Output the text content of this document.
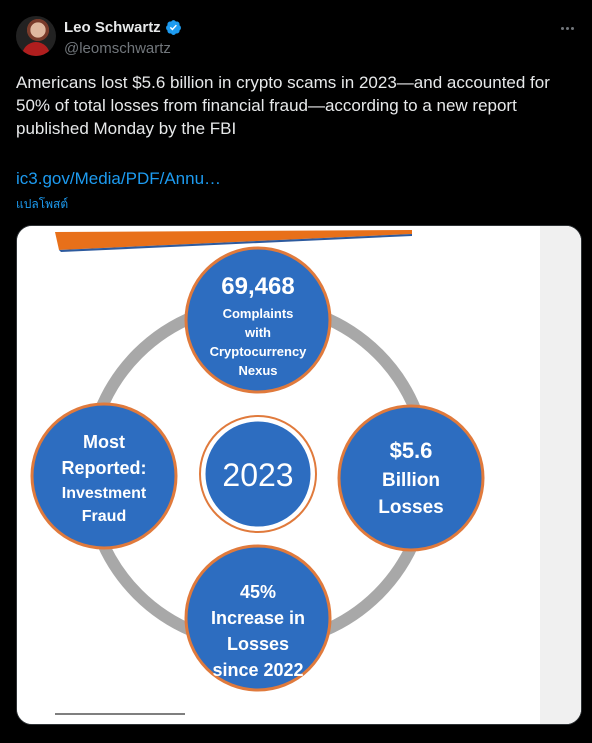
Leo Schwartz
@leomschwartz
Americans lost $5.6 billion in crypto scams in 2023—and accounted for 50% of total losses from financial fraud—according to a new report published Monday by the FBI
ic3.gov/Media/PDF/Annu…
แปลโพสต์
2023
69,468
Complaints
with
Cryptocurrency
Nexus
Most
Reported:
Investment
Fraud
$5.6
Billion
Losses
45%
Increase in
Losses
since 2022
